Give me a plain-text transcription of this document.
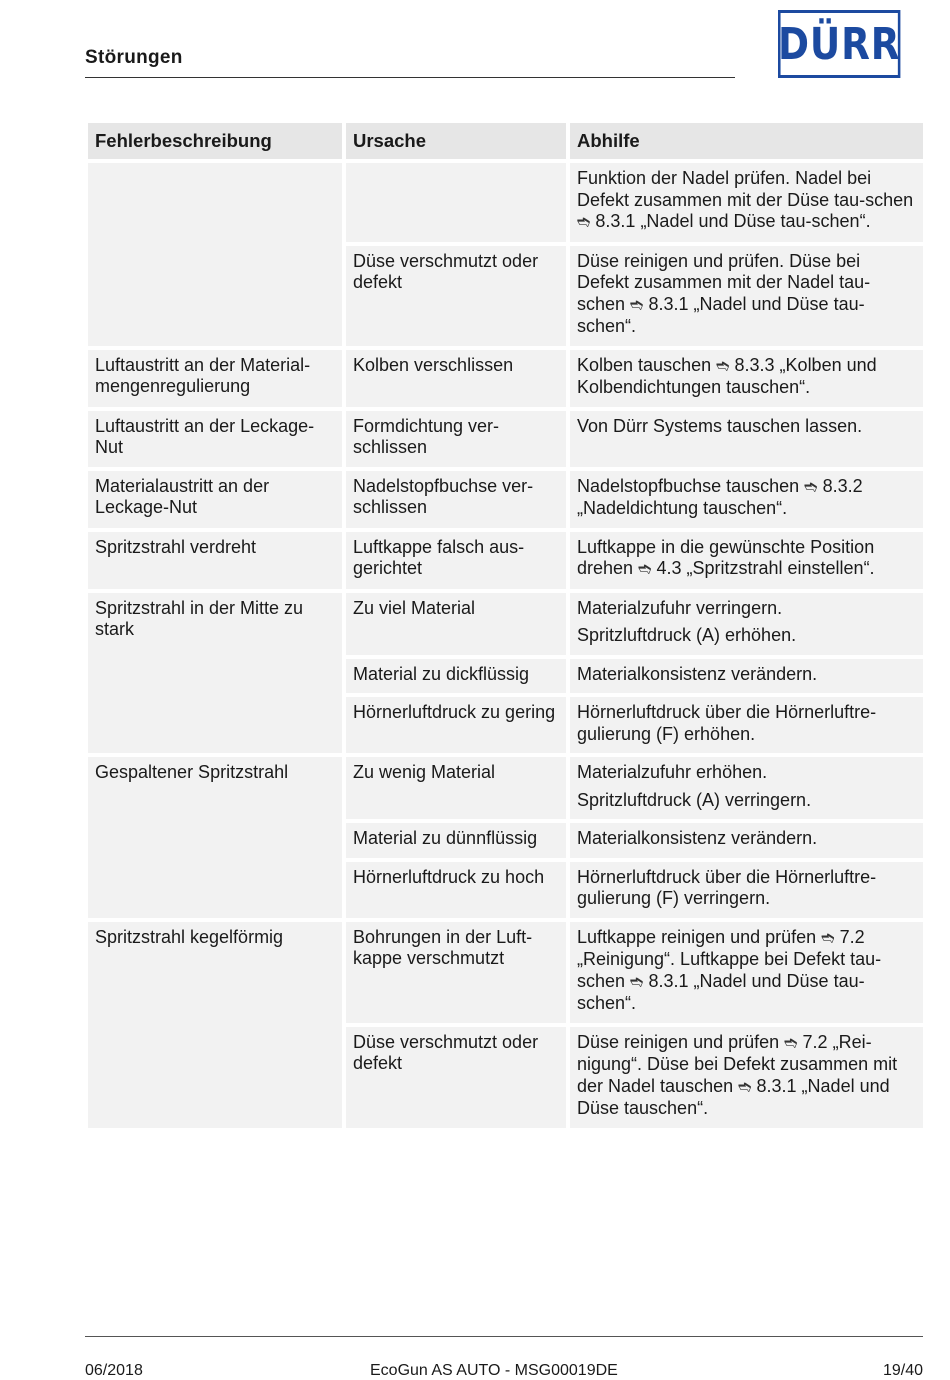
Störungen	DÜRR
Fehlerbeschreibung	Ursache	Abhilfe
		Funktion der Nadel prüfen. Nadel bei Defekt zusammen mit der Düse tau-schen ➬ 8.3.1 „Nadel und Düse tau-schen“.
	Düse verschmutzt oder defekt	Düse reinigen und prüfen. Düse bei Defekt zusammen mit der Nadel tau-schen ➬ 8.3.1 „Nadel und Düse tau-schen“.
Luftaustritt an der Material-mengenregulierung	Kolben verschlissen	Kolben tauschen ➬ 8.3.3 „Kolben und Kolbendichtungen tauschen“.
Luftaustritt an der Leckage-Nut	Formdichtung ver-schlissen	Von Dürr Systems tauschen lassen.
Materialaustritt an der Leckage-Nut	Nadelstopfbuchse ver-schlissen	Nadelstopfbuchse tauschen ➬ 8.3.2 „Nadeldichtung tauschen“.
Spritzstrahl verdreht	Luftkappe falsch aus-gerichtet	Luftkappe in die gewünschte Position drehen ➬ 4.3 „Spritzstrahl einstellen“.
Spritzstrahl in der Mitte zu stark	Zu viel Material	Materialzufuhr verringern.
Spritzluftdruck (A) erhöhen.

	Material zu dickflüssig	Materialkonsistenz verändern.
	Hörnerluftdruck zu gering	Hörnerluftdruck über die Hörnerluftre-gulierung (F) erhöhen.
Gespaltener Spritzstrahl	Zu wenig Material	Materialzufuhr erhöhen.
Spritzluftdruck (A) verringern.

	Material zu dünnflüssig	Materialkonsistenz verändern.
	Hörnerluftdruck zu hoch	Hörnerluftdruck über die Hörnerluftre-gulierung (F) verringern.
Spritzstrahl kegelförmig	Bohrungen in der Luft-kappe verschmutzt	Luftkappe reinigen und prüfen ➬ 7.2 „Reinigung“. Luftkappe bei Defekt tau-schen ➬ 8.3.1 „Nadel und Düse tau-schen“.
	Düse verschmutzt oder defekt	Düse reinigen und prüfen ➬ 7.2 „Rei-nigung“. Düse bei Defekt zusammen mit der Nadel tauschen ➬ 8.3.1 „Nadel und Düse tauschen“.
06/2018	EcoGun AS AUTO - MSG00019DE	19/40
